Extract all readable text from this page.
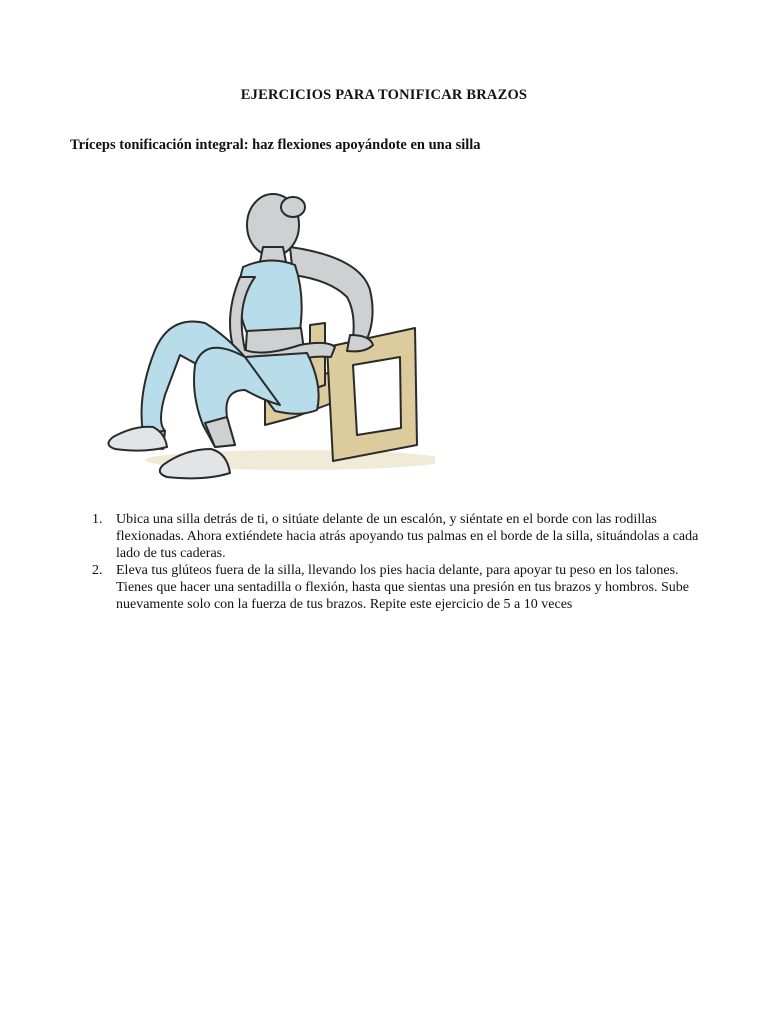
EJERCICIOS PARA TONIFICAR BRAZOS
Tríceps tonificación integral: haz flexiones apoyándote en una silla
1. Ubica una silla detrás de ti, o sitúate delante de un escalón, y siéntate en el borde con las rodillas flexionadas. Ahora extiéndete hacia atrás apoyando tus palmas en el borde de la silla, situándolas a cada lado de tus caderas.
2. Eleva tus glúteos fuera de la silla, llevando los pies hacia delante, para apoyar tu peso en los talones. Tienes que hacer una sentadilla o flexión, hasta que sientas una presión en tus brazos y hombros. Sube nuevamente solo con la fuerza de tus brazos. Repite este ejercicio de 5 a 10 veces
